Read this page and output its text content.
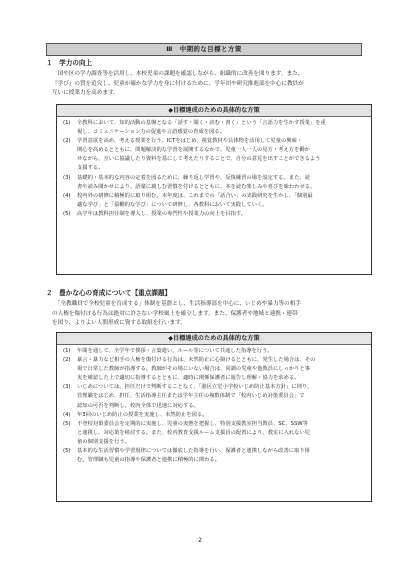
Ⅲ　中期的な目標と方策
１　学力の向上
　国や区の学力調査等を活用し、本校児童の課題を確認しながら、組織的に改善を図ります。また、
『学び』の質を追究し、児童が確かな学力を身に付けるために、学年団や研究推進部を中心に教員が
互いに授業力を高めます。
◆目標達成のための具体的な方策
(1)	全教科において、知的活動の基盤となる「話す・聞く・読む・書く」という「言語力を生かす授業」を重
視し、コミュニケーション力の促進や言語感覚の育成を図る。
(2)	学習意欲を高め、考える授業を行う。ICTをはじめ、視覚教材や具体物を活用して児童の興味・
関心を高めるとともに、問題解決的な学習を展開するなかで、児童一人一人の見方・考え方を働か
せながら、互いに協議したり資料を基にして考えたりすることで、自分の意見を出すことができるよう
支援する。
(3)	基礎的・基本的な内容の定着を図るために、繰り返し学習や、反復練習の場を設定する。また、読
書や読み聞かせにより、語彙に親しむ習慣を付けるとともに、本を読む楽しみや喜びを味わわせる。
(4)	校内外の研修に積極的に取り組む。本年度は、これまでの「話合い」の実践研究を生かし、「個別最
適な学び」と「協働的な学び」について研修し、各教科において実践していく。
(5)	高学年は教科担任制を導入し、授業の専門性や授業力の向上を目指す。
２　豊かな心の育成について【重点課題】
　「全教職員で全校児童を育成する」体制を基盤とし、生活指導部を中心に、いじめや暴力等の相手
の人権を傷付ける行為は絶対に許さない学校風土を確立します。また、保護者や地域と連携・連帯
を図り、よりよい人間形成に資する取組を行います。
◆目標達成のための具体的な方策
(1)	年間を通して、全学年で挨拶・言葉遣い、ルール等について共通した指導を行う。
(2)	暴言・暴力など相手の人権を傷付ける行為は、未然防止に心掛けるとともに、発生した場合は、その
場で日常した教師が指導する。教師がその場にいない場合は、同調の児童や他教員にしっかりと事
実を確認した上で適切に指導するとともに、適時に関係保護者に報告し理解・協力を求める。
(3)	いじめについては、担任だけで判断することなく、「港区立堂小学校いじめ防止基本方針」に則り、
管理職をはじめ、担任、生活指導主任または学年主任の複数体制で「校内いじめ対策委員会」で
認知の可否を判断し、校内全体で迅速に対応する。
(4)	年3回のいじめ防止の授業を実施し、未然防止を図る。
(5)	不登校対策委員会を定期的に実施し、児童の実態を把握し、特別支援教室担当教員、SC、SSW等
と連携し、対応策を検討する。また、校内教育支援ルーム支援員の配置により、教室に入れない児
童の個別支援を行う。
(5)	基本的な生活習慣や学習規律については徹底した指導を行い、保護者と連携しながら改善に取り組
む。管理職も児童の指導や保護者と連携に積極的に関わる。
2
